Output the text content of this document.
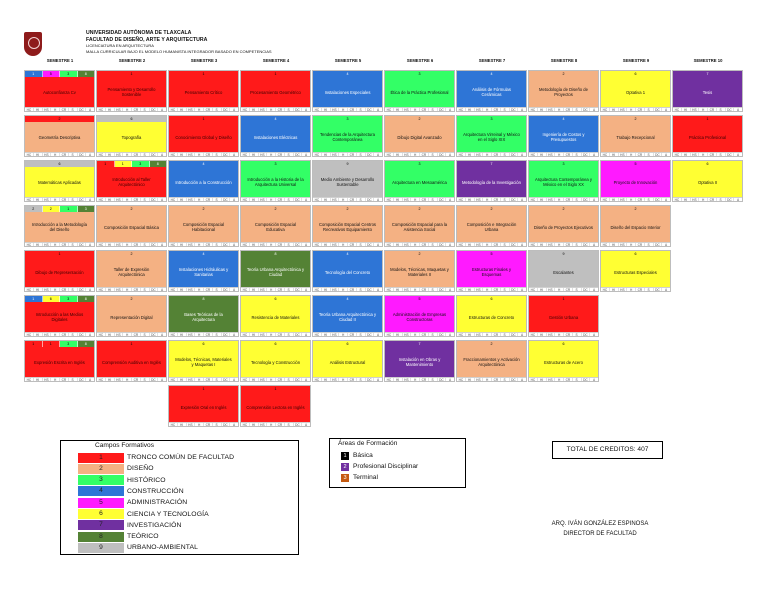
UNIVERSIDAD AUTÓNOMA DE TLAXCALA
FACULTAD DE DISEÑO, ARTE Y ARQUITECTURA
LICENCIATURA EN ARQUITECTURA
MALLA CURRICULAR BAJO EL MODELO HUMANISTA INTEGRADOR BASADO EN COMPETENCIAS
SEMESTRE 1	SEMESTRE 2	SEMESTRE 3	SEMESTRE 4	SEMESTRE 5	SEMESTRE 6	SEMESTRE 7	SEMESTRE 8	SEMESTRE 9	SEMESTRE 10
1	5	3	8
Autoconfianza Cv
HC	HI	HS	H	CR	S	DC	A
2
Geometría Descriptiva
HC	HI	HS	H	CR	S	DC	A
6
Matemáticas Aplicadas
HC	HI	HS	H	CR	S	DC	A
2	2	1	3
Introducción a la Metodología del Diseño
HC	HI	HS	H	CR	S	DC	A
1
Dibujo de Representación
HC	HI	HS	H	CR	S	DC	A
1	6	3	8
Introducción a las Medios Digitales
HC	HI	HS	H	CR	S	DC	A
1	1	3	8
Expresión Escrita en Inglés
HC	HI	HS	H	CR	S	DC	A
1
Pensamiento y Desarrollo Sostenible
HC	HI	HS	H	CR	S	DC	A
6
Topografía
HC	HI	HS	H	CR	S	DC	A
1	1	3	8
Introducción al Taller Arquitectónico
HC	HI	HS	H	CR	S	DC	A
2
Composición Espacial Básica
HC	HI	HS	H	CR	S	DC	A
2
Taller de Expresión Arquitectónica
HC	HI	HS	H	CR	S	DC	A
2
Representación Digital
HC	HI	HS	H	CR	S	DC	A
1
Comprensión Auditiva en Inglés
HC	HI	HS	H	CR	S	DC	A
1
Pensamiento Crítico
HC	HI	HS	H	CR	S	DC	A
1
Conocimiento Global y Diseño
HC	HI	HS	H	CR	S	DC	A
4
Introducción a la Construcción
HC	HI	HS	H	CR	S	DC	A
2
Composición Espacial Habitacional
HC	HI	HS	H	CR	S	DC	A
4
Instalaciones Hidráulicas y Sanitarias
HC	HI	HS	H	CR	S	DC	A
8
Bases Teóricas de la Arquitectura
HC	HI	HS	H	CR	S	DC	A
6
Modelos, Técnicas, Materiales y Maquetas I
HC	HI	HS	H	CR	S	DC	A
1
Expresión Oral en Inglés
HC	HI	HS	H	CR	S	DC	A
1
Procesamiento Geométrico
HC	HI	HS	H	CR	S	DC	A
4
Instalaciones Eléctricas
HC	HI	HS	H	CR	S	DC	A
3
Introducción a la Historia de la Arquitectura Universal
HC	HI	HS	H	CR	S	DC	A
2
Composición Espacial Educativa
HC	HI	HS	H	CR	S	DC	A
8
Teoría Urbana Arquitectónica y Ciudad
HC	HI	HS	H	CR	S	DC	A
6
Resistencia de Materiales
HC	HI	HS	H	CR	S	DC	A
6
Tecnología y Construcción
HC	HI	HS	H	CR	S	DC	A
1
Comprensión Lectora en Inglés
HC	HI	HS	H	CR	S	DC	A
4
Instalaciones Especiales
HC	HI	HS	H	CR	S	DC	A
3
Tendencias de la Arquitectura Contemporánea
HC	HI	HS	H	CR	S	DC	A
9
Medio Ambiente y Desarrollo Sustentable
HC	HI	HS	H	CR	S	DC	A
2
Composición Espacial Centros Recreativos Equipamiento
HC	HI	HS	H	CR	S	DC	A
4
Tecnología del Concreto
HC	HI	HS	H	CR	S	DC	A
4
Teoría Urbana Arquitectónica y Ciudad II
HC	HI	HS	H	CR	S	DC	A
6
Análisis Estructural
HC	HI	HS	H	CR	S	DC	A
3
Ética de la Práctica Profesional
HC	HI	HS	H	CR	S	DC	A
2
Dibujo Digital Avanzado
HC	HI	HS	H	CR	S	DC	A
3
Arquitectura en Mesoamérica
HC	HI	HS	H	CR	S	DC	A
2
Composición Espacial para la Asistencia Social
HC	HI	HS	H	CR	S	DC	A
2
Modelos, Técnicas, Maquetas y Materiales II
HC	HI	HS	H	CR	S	DC	A
5
Administración de Empresas Constructoras
HC	HI	HS	H	CR	S	DC	A
7
Instalación en Obras y Mantenimiento
HC	HI	HS	H	CR	S	DC	A
4
Análisis de Fórmulas Cerámicas
HC	HI	HS	H	CR	S	DC	A
3
Arquitectura Virreinal y México en el Siglo XIX
HC	HI	HS	H	CR	S	DC	A
7
Metodología de la Investigación
HC	HI	HS	H	CR	S	DC	A
2
Composición e Integración Urbana
HC	HI	HS	H	CR	S	DC	A
5
Estructuras Finales y Esquemas
HC	HI	HS	H	CR	S	DC	A
6
Estructuras de Concreto
HC	HI	HS	H	CR	S	DC	A
2
Fraccionamientos y Activación Arquitectónica
HC	HI	HS	H	CR	S	DC	A
2
Metodología de Diseño de Proyectos
HC	HI	HS	H	CR	S	DC	A
4
Ingeniería de Costos y Presupuestos
HC	HI	HS	H	CR	S	DC	A
3
Arquitectura Contemporánea y México en el Siglo XX
HC	HI	HS	H	CR	S	DC	A
2
Diseño de Proyectos Ejecutivos
HC	HI	HS	H	CR	S	DC	A
9
Escalantes
HC	HI	HS	H	CR	S	DC	A
1
Gestión Urbana
HC	HI	HS	H	CR	S	DC	A
6
Estructuras de Acero
HC	HI	HS	H	CR	S	DC	A
6
Optativa 1
HC	HI	HS	H	CR	S	DC	A
2
Trabajo Recepcional
HC	HI	HS	H	CR	S	DC	A
5
Proyecto de Innovación
HC	HI	HS	H	CR	S	DC	A
2
Diseño del Espacio Interior
HC	HI	HS	H	CR	S	DC	A
6
Estructuras Especiales
HC	HI	HS	H	CR	S	DC	A
7
Tesis
HC	HI	HS	H	CR	S	DC	A
1
Práctica Profesional
HC	HI	HS	H	CR	S	DC	A
6
Optativa II
HC	HI	HS	H	CR	S	DC	A
Campos Formativos
1	TRONCO COMÚN DE FACULTAD
2	DISEÑO
3	HISTÓRICO
4	CONSTRUCCIÓN
5	ADMINISTRACIÓN
6	CIENCIA Y TECNOLOGÍA
7	INVESTIGACIÓN
8	TEÓRICO
9	URBANO-AMBIENTAL
Áreas de Formación
1 Básica
2 Profesional Disciplinar
3 Terminal
TOTAL DE CREDITOS: 407
ARQ. IVÁN GONZÁLEZ ESPINOSA
DIRECTOR DE FACULTAD
